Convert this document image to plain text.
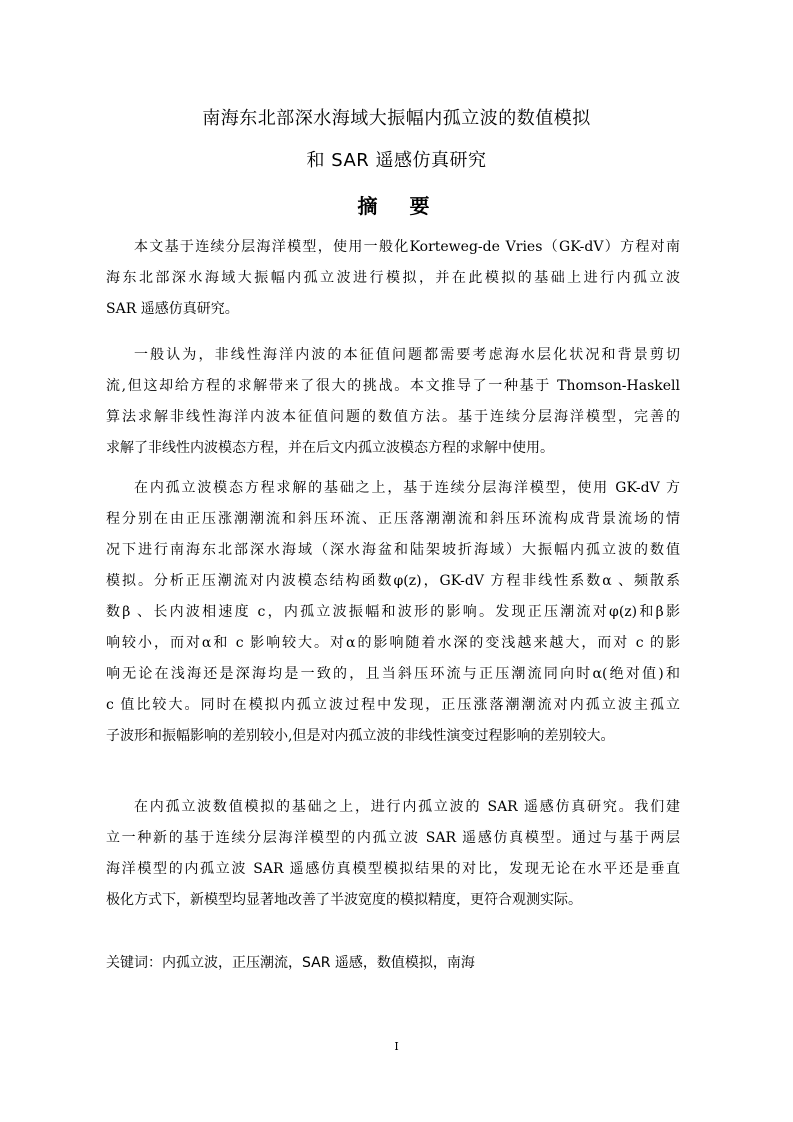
南海东北部深水海域大振幅内孤立波的数值模拟
和 SAR 遥感仿真研究
摘　要
本文基于连续分层海洋模型，使用一般化Korteweg-de Vries（GK-dV）方程对南
海东北部深水海域大振幅内孤立波进行模拟，并在此模拟的基础上进行内孤立波
SAR 遥感仿真研究。
一般认为，非线性海洋内波的本征值问题都需要考虑海水层化状况和背景剪切
流,但这却给方程的求解带来了很大的挑战。本文推导了一种基于 Thomson-Haskell
算法求解非线性海洋内波本征值问题的数值方法。基于连续分层海洋模型，完善的
求解了非线性内波模态方程，并在后文内孤立波模态方程的求解中使用。
在内孤立波模态方程求解的基础之上，基于连续分层海洋模型，使用 GK-dV 方
程分别在由正压涨潮潮流和斜压环流、正压落潮潮流和斜压环流构成背景流场的情
况下进行南海东北部深水海域（深水海盆和陆架坡折海域）大振幅内孤立波的数值
模拟。分析正压潮流对内波模态结构函数φ(z)，GK-dV 方程非线性系数α 、频散系
数β 、长内波相速度 c，内孤立波振幅和波形的影响。发现正压潮流对φ(z)和β影
响较小，而对α和 c 影响较大。对α的影响随着水深的变浅越来越大，而对 c 的影
响无论在浅海还是深海均是一致的，且当斜压环流与正压潮流同向时α(绝对值)和
c 值比较大。同时在模拟内孤立波过程中发现，正压涨落潮潮流对内孤立波主孤立
子波形和振幅影响的差别较小,但是对内孤立波的非线性演变过程影响的差别较大。
在内孤立波数值模拟的基础之上，进行内孤立波的 SAR 遥感仿真研究。我们建
立一种新的基于连续分层海洋模型的内孤立波 SAR 遥感仿真模型。通过与基于两层
海洋模型的内孤立波 SAR 遥感仿真模型模拟结果的对比，发现无论在水平还是垂直
极化方式下，新模型均显著地改善了半波宽度的模拟精度，更符合观测实际。
关键词：内孤立波，正压潮流，SAR 遥感，数值模拟，南海
I
